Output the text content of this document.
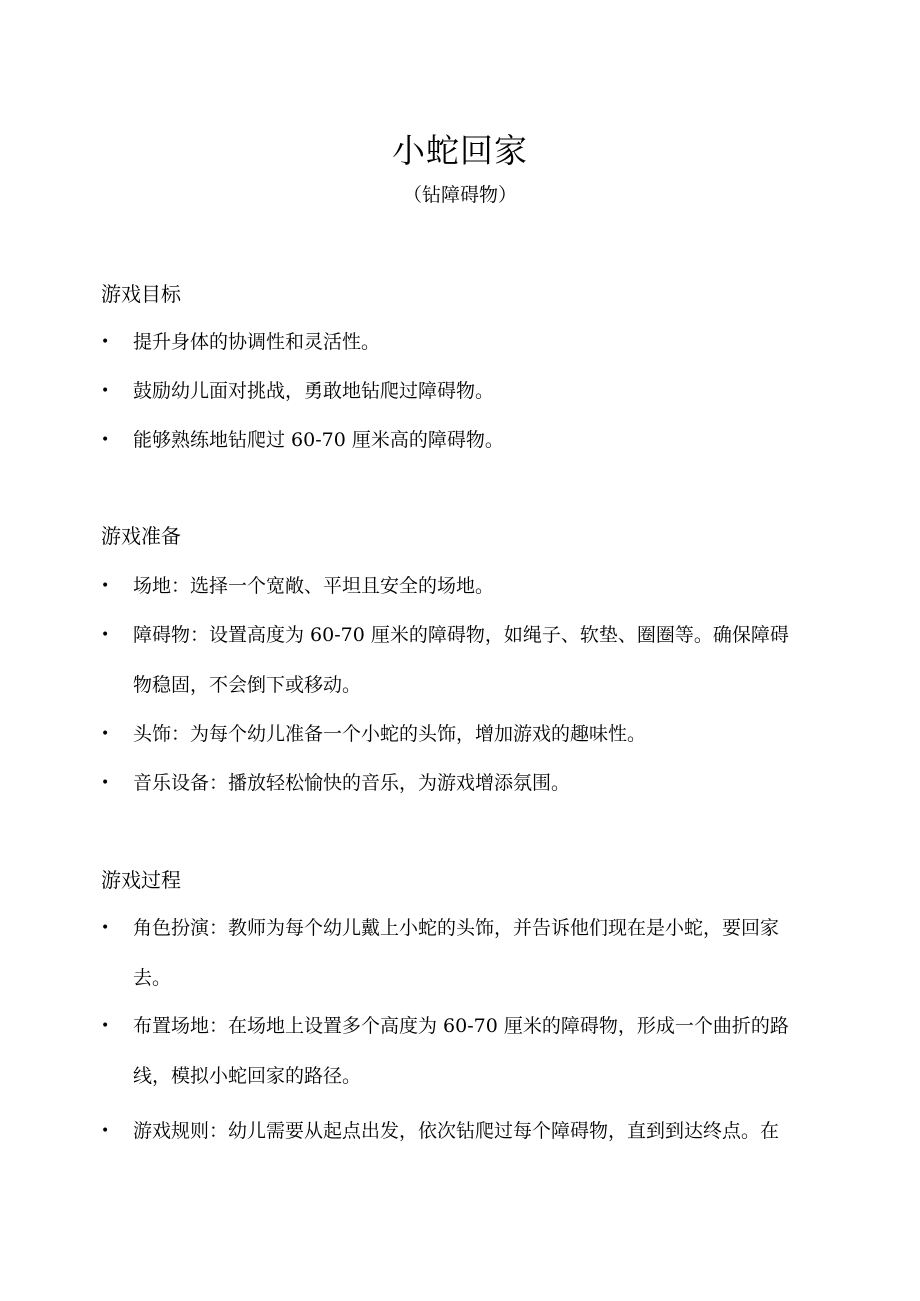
小蛇回家
（钻障碍物）
游戏目标
•	提升身体的协调性和灵活性。
•	鼓励幼儿面对挑战，勇敢地钻爬过障碍物。
•	能够熟练地钻爬过 60-70 厘米高的障碍物。
游戏准备
•	场地：选择一个宽敞、平坦且安全的场地。
•	障碍物：设置高度为 60-70 厘米的障碍物，如绳子、软垫、圈圈等。确保障碍
物稳固，不会倒下或移动。
•	头饰：为每个幼儿准备一个小蛇的头饰，增加游戏的趣味性。
•	音乐设备：播放轻松愉快的音乐，为游戏增添氛围。
游戏过程
•	角色扮演：教师为每个幼儿戴上小蛇的头饰，并告诉他们现在是小蛇，要回家
去。
•	布置场地：在场地上设置多个高度为 60-70 厘米的障碍物，形成一个曲折的路
线，模拟小蛇回家的路径。
•	游戏规则：幼儿需要从起点出发，依次钻爬过每个障碍物，直到到达终点。在
